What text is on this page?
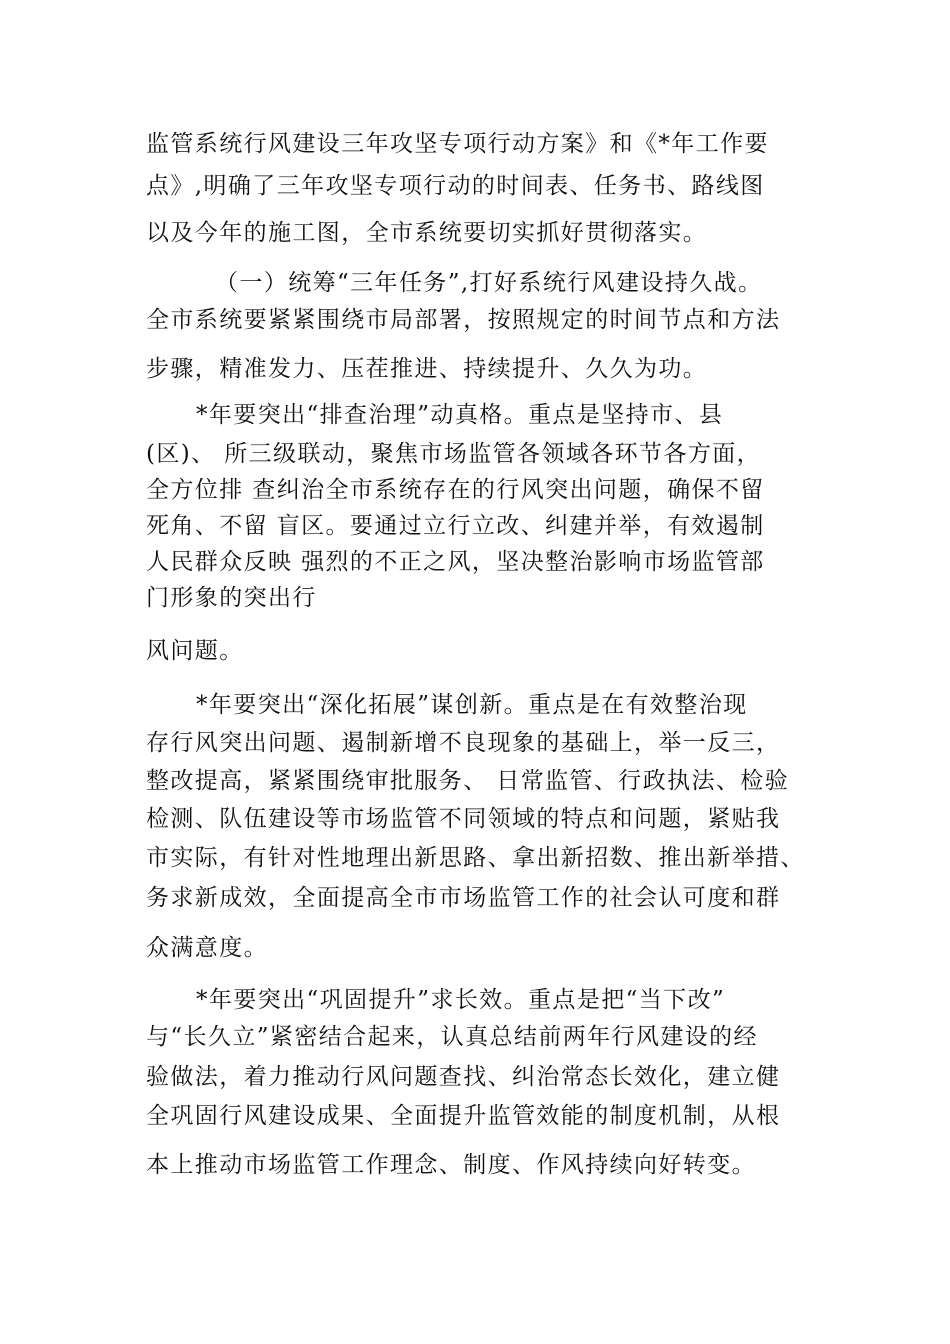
监管系统行风建设三年攻坚专项行动方案》和《*年工作要
点》,明确了三年攻坚专项行动的时间表、任务书、路线图
以及今年的施工图，全市系统要切实抓好贯彻落实。
（一）统筹“三年任务”,打好系统行风建设持久战。
全市系统要紧紧围绕市局部署，按照规定的时间节点和方法
步骤，精准发力、压茬推进、持续提升、久久为功。
*年要突出“排查治理”动真格。重点是坚持市、县
(区)、 所三级联动，聚焦市场监管各领域各环节各方面，
全方位排 查纠治全市系统存在的行风突出问题，确保不留
死角、不留 盲区。要通过立行立改、纠建并举，有效遏制
人民群众反映 强烈的不正之风，坚决整治影响市场监管部
门形象的突出行
风问题。
*年要突出“深化拓展”谋创新。重点是在有效整治现
存行风突出问题、遏制新增不良现象的基础上，举一反三，
整改提高，紧紧围绕审批服务、 日常监管、行政执法、检验
检测、队伍建设等市场监管不同领域的特点和问题，紧贴我
市实际，有针对性地理出新思路、拿出新招数、推出新举措、
务求新成效，全面提高全市市场监管工作的社会认可度和群
众满意度。
*年要突出“巩固提升”求长效。重点是把“当下改”
与“长久立”紧密结合起来，认真总结前两年行风建设的经
验做法，着力推动行风问题查找、纠治常态长效化，建立健
全巩固行风建设成果、全面提升监管效能的制度机制，从根
本上推动市场监管工作理念、制度、作风持续向好转变。
